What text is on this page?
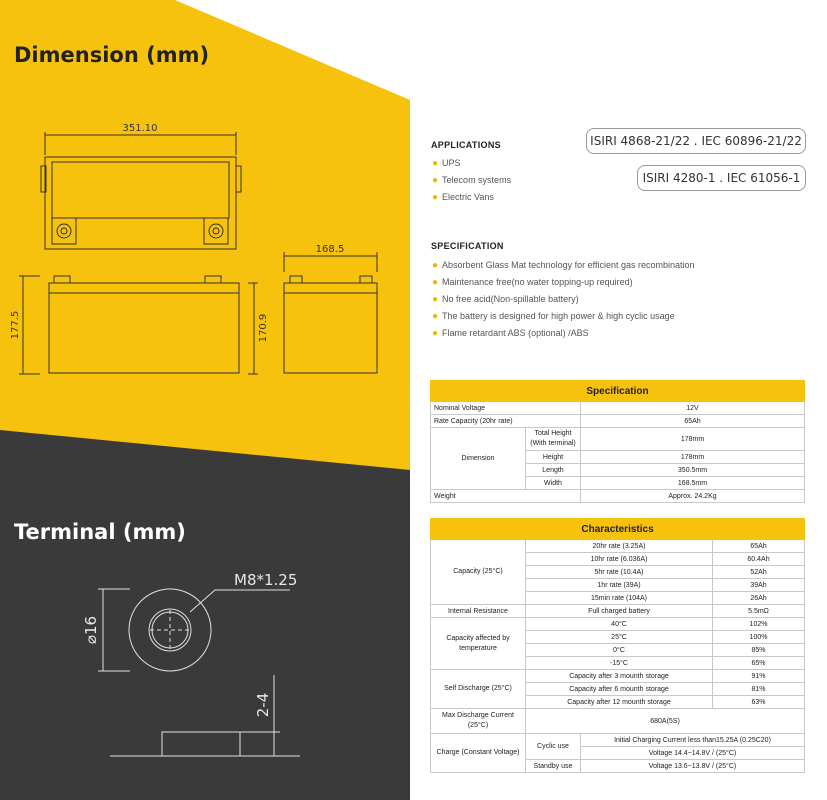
Dimension (mm)
Terminal (mm)
351.10
168.5
177.5	170.9
M8*1.25
⌀16
2-4
ISIRI 4868-21/22 . IEC 60896-21/22
ISIRI 4280-1 . IEC 61056-1
APPLICATIONS
● UPS
● Telecom systems
● Electric Vans
SPECIFICATION
● Absorbent Glass Mat technology for efficient gas recombination
● Maintenance free(no water topping-up required)
● No free acid(Non-spillable battery)
● The battery is designed for high power & high cyclic usage
● Flame retardant ABS (optional) /ABS
Specification		
Nominal Voltage		12V
Rate Capacity (20hr rate)		65Ah
Dimension	Total Height (With terminal)	178mm
	Height	178mm
	Length	350.5mm
	Width	168.5mm
Weight		Approx. 24.2Kg
Characteristics			
Capacity (25°C)	20hr rate (3.25A)		65Ah
	10hr rate (6.036A)		60.4Ah
	5hr rate (10.4A)		52Ah
	1hr rate (39A)		39Ah
	15min rate (104A)		26Ah
Internal Resistance	Full charged battery		5.5mΩ
Capacity affected by temperature	40°C		102%
	25°C		100%
	0°C		85%
	-15°C		65%
Self Discharge (25°C)	Capacity after 3 mounth storage		91%
	Capacity after 6 mounth storage		81%
	Capacity after 12 mounth storage		63%
Max Discharge Current (25°C)	680A(5S)		
Charge (Constant Voltage)	Cyclic use	Initial Charging Current less than15.25A (0.25C20)	
		Voltage 14.4~14.8V / (25°C)	
	Standby use	Voltage 13.6~13.8V / (25°C)	
